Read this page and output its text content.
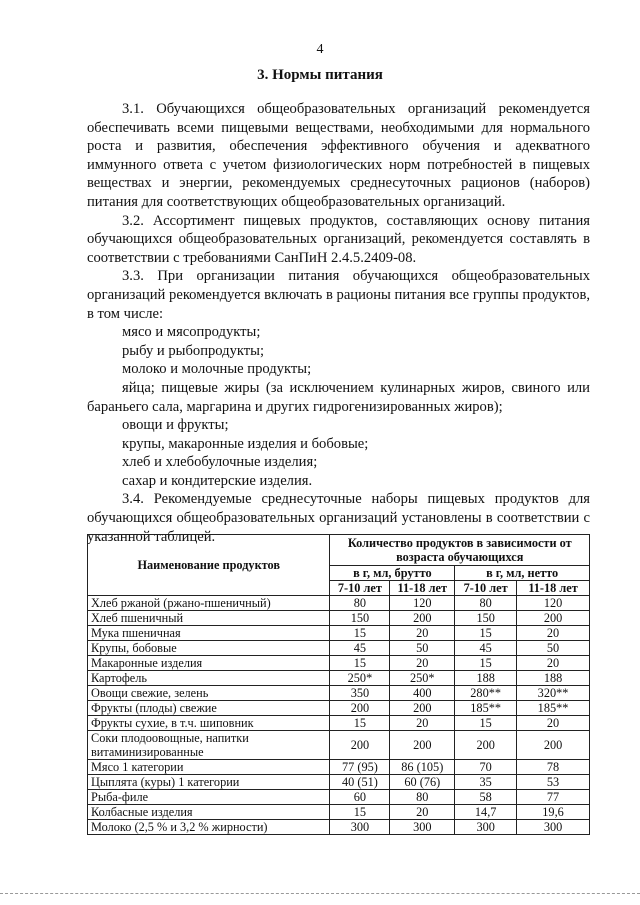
4
3. Нормы питания

3.1. Обучающихся общеобразовательных организаций рекомендуется обеспечивать всеми пищевыми веществами, необходимыми для нормального роста и развития, обеспечения эффективного обучения и адекватного иммунного ответа с учетом физиологических норм потребностей в пищевых веществах и энергии, рекомендуемых среднесуточных рационов (наборов) питания для соответствующих общеобразовательных организаций.

3.2. Ассортимент пищевых продуктов, составляющих основу питания обучающихся общеобразовательных организаций, рекомендуется составлять в соответствии с требованиями СанПиН 2.4.5.2409-08.

3.3. При организации питания обучающихся общеобразовательных организаций рекомендуется включать в рационы питания все группы продуктов, в том числе:

мясо и мясопродукты;

рыбу и рыбопродукты;

молоко и молочные продукты;

яйца; пищевые жиры (за исключением кулинарных жиров, свиного или бараньего сала, маргарина и других гидрогенизированных жиров);

овощи и фрукты;

крупы, макаронные изделия и бобовые;

хлеб и хлебобулочные изделия;

сахар и кондитерские изделия.

3.4. Рекомендуемые среднесуточные наборы пищевых продуктов для обучающихся общеобразовательных организаций установлены в соответствии с указанной таблицей.

Наименование продуктов	Количество продуктов в зависимости от возраста обучающихся			
	в г, мл, брутто		в г, мл, нетто	
	7-10 лет	11-18 лет	7-10 лет	11-18 лет
Хлеб ржаной (ржано-пшеничный)	80	120	80	120
Хлеб пшеничный	150	200	150	200
Мука пшеничная	15	20	15	20
Крупы, бобовые	45	50	45	50
Макаронные изделия	15	20	15	20
Картофель	250*	250*	188	188
Овощи свежие, зелень	350	400	280**	320**
Фрукты (плоды) свежие	200	200	185**	185**
Фрукты сухие, в т.ч. шиповник	15	20	15	20
Соки плодоовощные, напитки витаминизированные	200	200	200	200
Мясо 1 категории	77 (95)	86 (105)	70	78
Цыплята (куры) 1 категории	40 (51)	60 (76)	35	53
Рыба-филе	60	80	58	77
Колбасные изделия	15	20	14,7	19,6
Молоко (2,5 % и 3,2 % жирности)	300	300	300	300
